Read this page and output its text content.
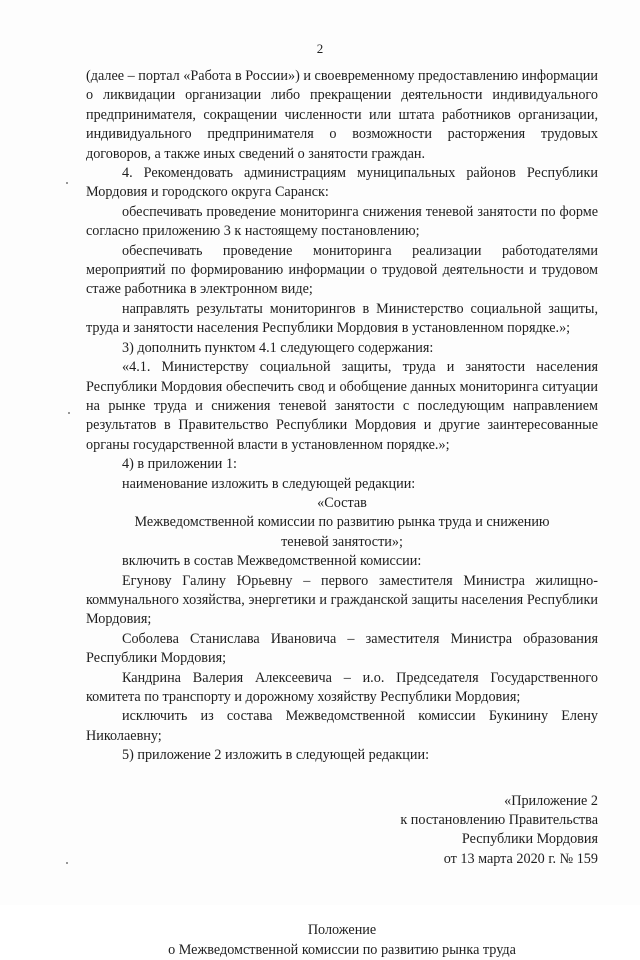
2

(далее – портал «Работа в России») и своевременному предоставлению информации о ликвидации организации либо прекращении деятельности индивидуального предпринимателя, сокращении численности или штата работников организации, индивидуального предпринимателя о возможности расторжения трудовых договоров, а также иных сведений о занятости граждан.

4. Рекомендовать администрациям муниципальных районов Республики Мордовия и городского округа Саранск:

обеспечивать проведение мониторинга снижения теневой занятости по форме согласно приложению 3 к настоящему постановлению;

обеспечивать проведение мониторинга реализации работодателями мероприятий по формированию информации о трудовой деятельности и трудовом стаже работника в электронном виде;

направлять результаты мониторингов в Министерство социальной защиты, труда и занятости населения Республики Мордовия в установленном порядке.»;

3) дополнить пунктом 4.1 следующего содержания:

«4.1. Министерству социальной защиты, труда и занятости населения Республики Мордовия обеспечить свод и обобщение данных мониторинга ситуации на рынке труда и снижения теневой занятости с последующим направлением результатов в Правительство Республики Мордовия и другие заинтересованные органы государственной власти в установленном порядке.»;

4) в приложении 1:

наименование изложить в следующей редакции:

«Состав

Межведомственной комиссии по развитию рынка труда и снижению

теневой занятости»;

включить в состав Межведомственной комиссии:

Егунову Галину Юрьевну – первого заместителя Министра жилищно-коммунального хозяйства, энергетики и гражданской защиты населения Республики Мордовия;

Соболева Станислава Ивановича – заместителя Министра образования Республики Мордовия;

Кандрина Валерия Алексеевича – и.о. Председателя Государственного комитета по транспорту и дорожному хозяйству Республики Мордовия;

исключить из состава Межведомственной комиссии Букинину Елену Николаевну;

5) приложение 2 изложить в следующей редакции:

«Приложение 2
к постановлению Правительства
Республики Мордовия
от 13 марта 2020 г. № 159
Положение
о Межведомственной комиссии по развитию рынка труда
